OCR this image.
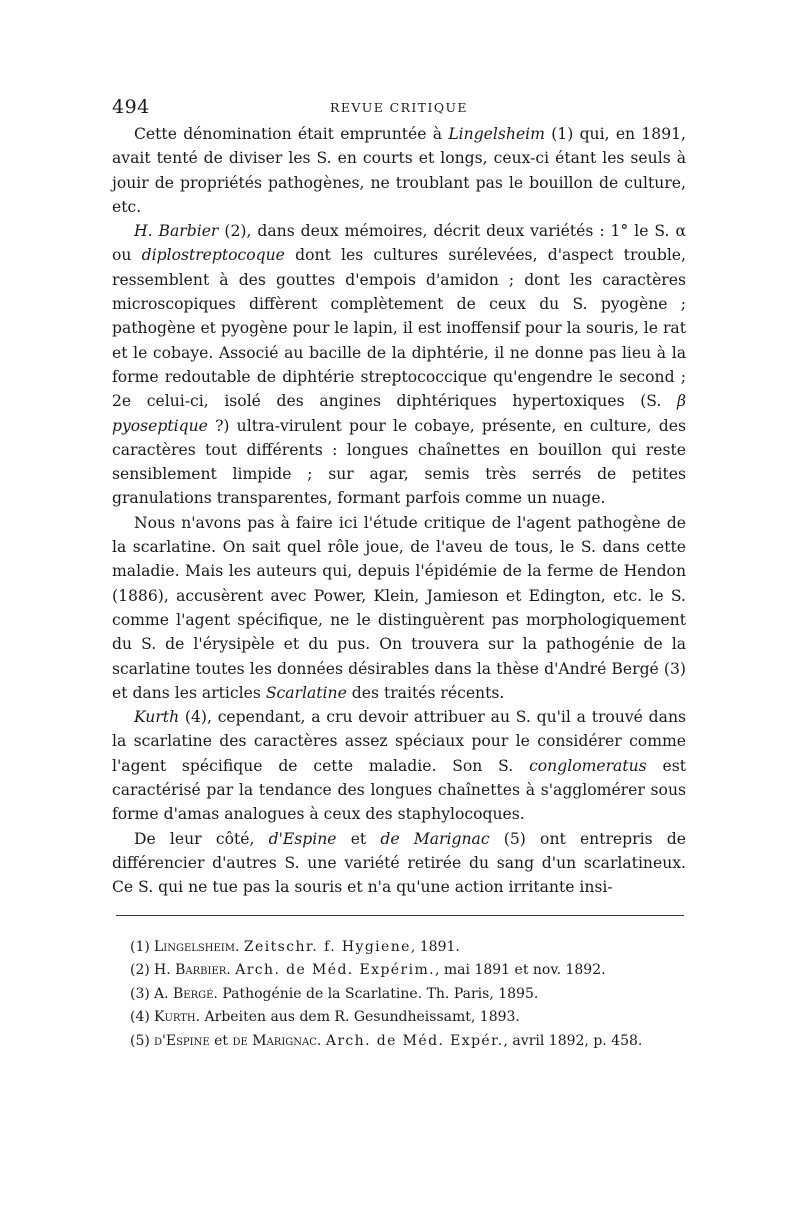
494	REVUE CRITIQUE

Cette dénomination était empruntée à Lingelsheim (1) qui, en 1891, avait tenté de diviser les S. en courts et longs, ceux-ci étant les seuls à jouir de propriétés pathogènes, ne troublant pas le bouillon de culture, etc.

H. Barbier (2), dans deux mémoires, décrit deux variétés : 1° le S. α ou diplostreptocoque dont les cultures surélevées, d'aspect trouble, ressemblent à des gouttes d'empois d'amidon ; dont les caractères microscopiques diffèrent complètement de ceux du S. pyogène ; pathogène et pyogène pour le lapin, il est inoffensif pour la souris, le rat et le cobaye. Associé au bacille de la diphtérie, il ne donne pas lieu à la forme redoutable de diphtérie streptococcique qu'engendre le second ; 2e celui-ci, isolé des angines diphtériques hypertoxiques (S. β pyoseptique ?) ultra-virulent pour le cobaye, présente, en culture, des caractères tout différents : longues chaînettes en bouillon qui reste sensiblement limpide ; sur agar, semis très serrés de petites granulations transparentes, formant parfois comme un nuage.

Nous n'avons pas à faire ici l'étude critique de l'agent pathogène de la scarlatine. On sait quel rôle joue, de l'aveu de tous, le S. dans cette maladie. Mais les auteurs qui, depuis l'épidémie de la ferme de Hendon (1886), accusèrent avec Power, Klein, Jamieson et Edington, etc. le S. comme l'agent spécifique, ne le distinguèrent pas morphologiquement du S. de l'érysipèle et du pus. On trouvera sur la pathogénie de la scarlatine toutes les données désirables dans la thèse d'André Bergé (3) et dans les articles Scarlatine des traités récents.

Kurth (4), cependant, a cru devoir attribuer au S. qu'il a trouvé dans la scarlatine des caractères assez spéciaux pour le considérer comme l'agent spécifique de cette maladie. Son S. conglomeratus est caractérisé par la tendance des longues chaînettes à s'agglomérer sous forme d'amas analogues à ceux des staphylocoques.

De leur côté, d'Espine et de Marignac (5) ont entrepris de différencier d'autres S. une variété retirée du sang d'un scarlatineux. Ce S. qui ne tue pas la souris et n'a qu'une action irritante insi-

(1) Lingelsheim. Zeitschr. f. Hygiene, 1891.
(2) H. Barbier. Arch. de Méd. Expérim., mai 1891 et nov. 1892.
(3) A. Bergé. Pathogénie de la Scarlatine. Th. Paris, 1895.
(4) Kurth. Arbeiten aus dem R. Gesundheissamt, 1893.
(5) d'Espine et de Marignac. Arch. de Méd. Expér., avril 1892, p. 458.
